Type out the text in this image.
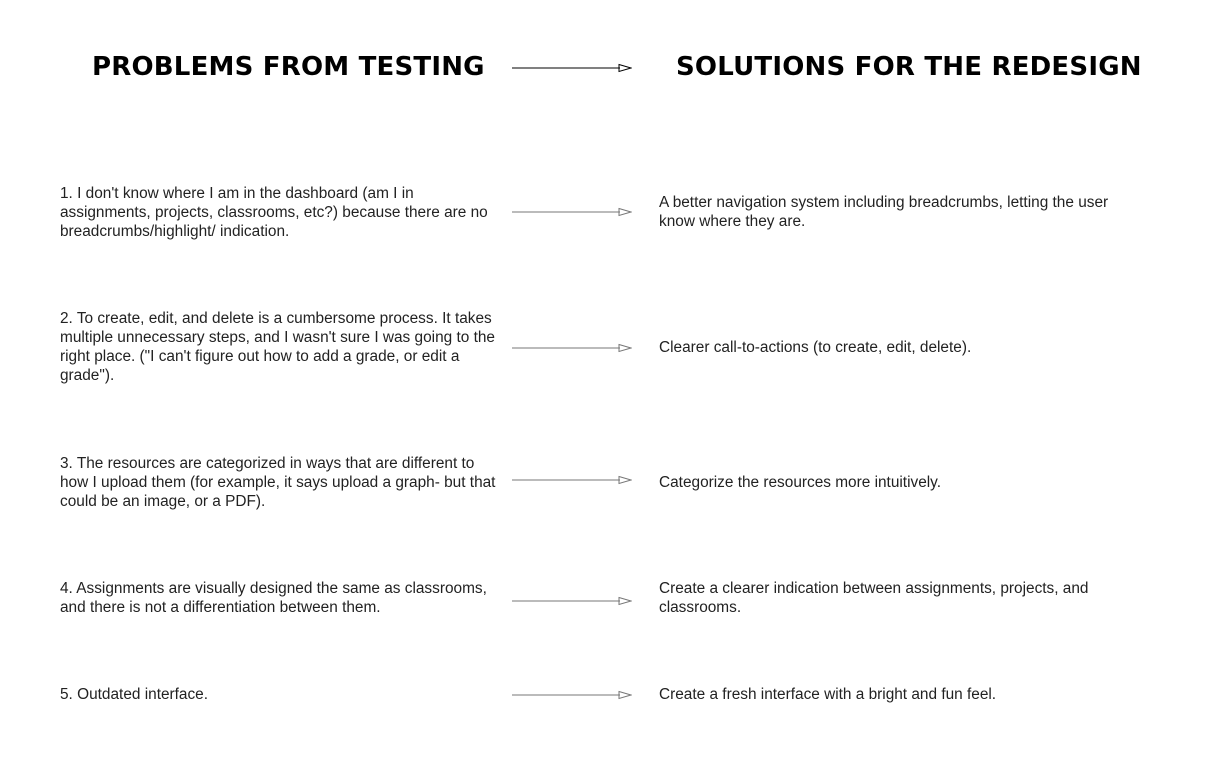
PROBLEMS FROM TESTING	SOLUTIONS FOR THE REDESIGN

1. I don't know where I am in the dashboard (am I in assignments, projects, classrooms, etc?) because there are no breadcrumbs/highlight/ indication.

A better navigation system including breadcrumbs, letting the user know where they are.

2. To create, edit, and delete is a cumbersome process. It takes multiple unnecessary steps, and I wasn't sure I was going to the right place. ("I can't figure out how to add a grade, or edit a grade").

Clearer call-to-actions (to create, edit, delete).

3. The resources are categorized in ways that are different to how I upload them (for example, it says upload a graph- but that could be an image, or a PDF).

Categorize the resources more intuitively.

4. Assignments are visually designed the same as classrooms, and there is not a differentiation between them.

Create a clearer indication between assignments, projects, and classrooms.

5. Outdated interface.	Create a fresh interface with a bright and fun feel.
